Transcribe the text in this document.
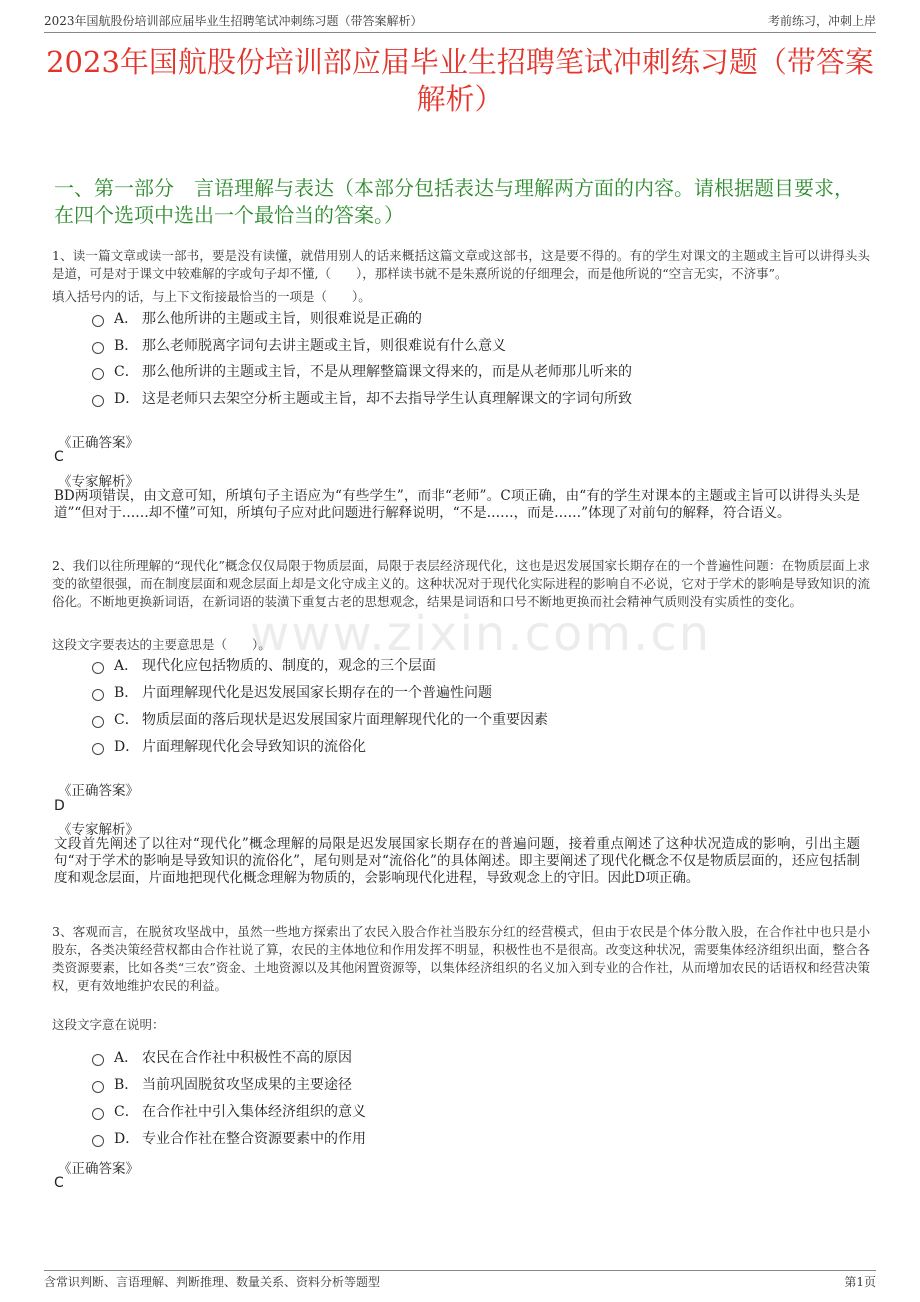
2023年国航股份培训部应届毕业生招聘笔试冲刺练习题（带答案解析）	考前练习，冲刺上岸
2023年国航股份培训部应届毕业生招聘笔试冲刺练习题（带答案解析）
一、第一部分　言语理解与表达（本部分包括表达与理解两方面的内容。请根据题目要求，在四个选项中选出一个最恰当的答案。）
www.zixin.com.cn
1、读一篇文章或读一部书，要是没有读懂，就借用别人的话来概括这篇文章或这部书，这是要不得的。有的学生对课文的主题或主旨可以讲得头头是道，可是对于课文中较难解的字或句子却不懂,（　　），那样读书就不是朱熹所说的仔细理会，而是他所说的“空言无实，不济事”。
填入括号内的话，与上下文衔接最恰当的一项是（　　）。
A． 那么他所讲的主题或主旨，则很难说是正确的
B． 那么老师脱离字词句去讲主题或主旨，则很难说有什么意义
C． 那么他所讲的主题或主旨，不是从理解整篇课文得来的，而是从老师那儿听来的
D． 这是老师只去架空分析主题或主旨，却不去指导学生认真理解课文的字词句所致
《正确答案》
C
《专家解析》
BD两项错误，由文意可知，所填句子主语应为“有些学生”，而非“老师”。C项正确，由“有的学生对课本的主题或主旨可以讲得头头是道”“但对于……却不懂”可知，所填句子应对此问题进行解释说明，“不是……，而是……”体现了对前句的解释，符合语义。
2、我们以往所理解的“现代化”概念仅仅局限于物质层面，局限于表层经济现代化，这也是迟发展国家长期存在的一个普遍性问题：在物质层面上求变的欲望很强，而在制度层面和观念层面上却是文化守成主义的。这种状况对于现代化实际进程的影响自不必说，它对于学术的影响是导致知识的流俗化。不断地更换新词语，在新词语的装潢下重复古老的思想观念，结果是词语和口号不断地更换而社会精神气质则没有实质性的变化。
这段文字要表达的主要意思是（　　）。
A． 现代化应包括物质的、制度的，观念的三个层面
B． 片面理解现代化是迟发展国家长期存在的一个普遍性问题
C． 物质层面的落后现状是迟发展国家片面理解现代化的一个重要因素
D． 片面理解现代化会导致知识的流俗化
《正确答案》
D
《专家解析》
文段首先阐述了以往对“现代化”概念理解的局限是迟发展国家长期存在的普遍问题，接着重点阐述了这种状况造成的影响，引出主题句“对于学术的影响是导致知识的流俗化”，尾句则是对“流俗化”的具体阐述。即主要阐述了现代化概念不仅是物质层面的，还应包括制度和观念层面，片面地把现代化概念理解为物质的，会影响现代化进程，导致观念上的守旧。因此D项正确。
3、客观而言，在脱贫攻坚战中，虽然一些地方探索出了农民入股合作社当股东分红的经营模式，但由于农民是个体分散入股，在合作社中也只是小股东，各类决策经营权都由合作社说了算，农民的主体地位和作用发挥不明显，积极性也不是很高。改变这种状况，需要集体经济组织出面，整合各类资源要素，比如各类“三农”资金、土地资源以及其他闲置资源等，以集体经济组织的名义加入到专业的合作社，从而增加农民的话语权和经营决策权，更有效地维护农民的利益。
这段文字意在说明：
A． 农民在合作社中积极性不高的原因
B． 当前巩固脱贫攻坚成果的主要途径
C． 在合作社中引入集体经济组织的意义
D． 专业合作社在整合资源要素中的作用
《正确答案》
C
含常识判断、言语理解、判断推理、数量关系、资料分析等题型	第1页
